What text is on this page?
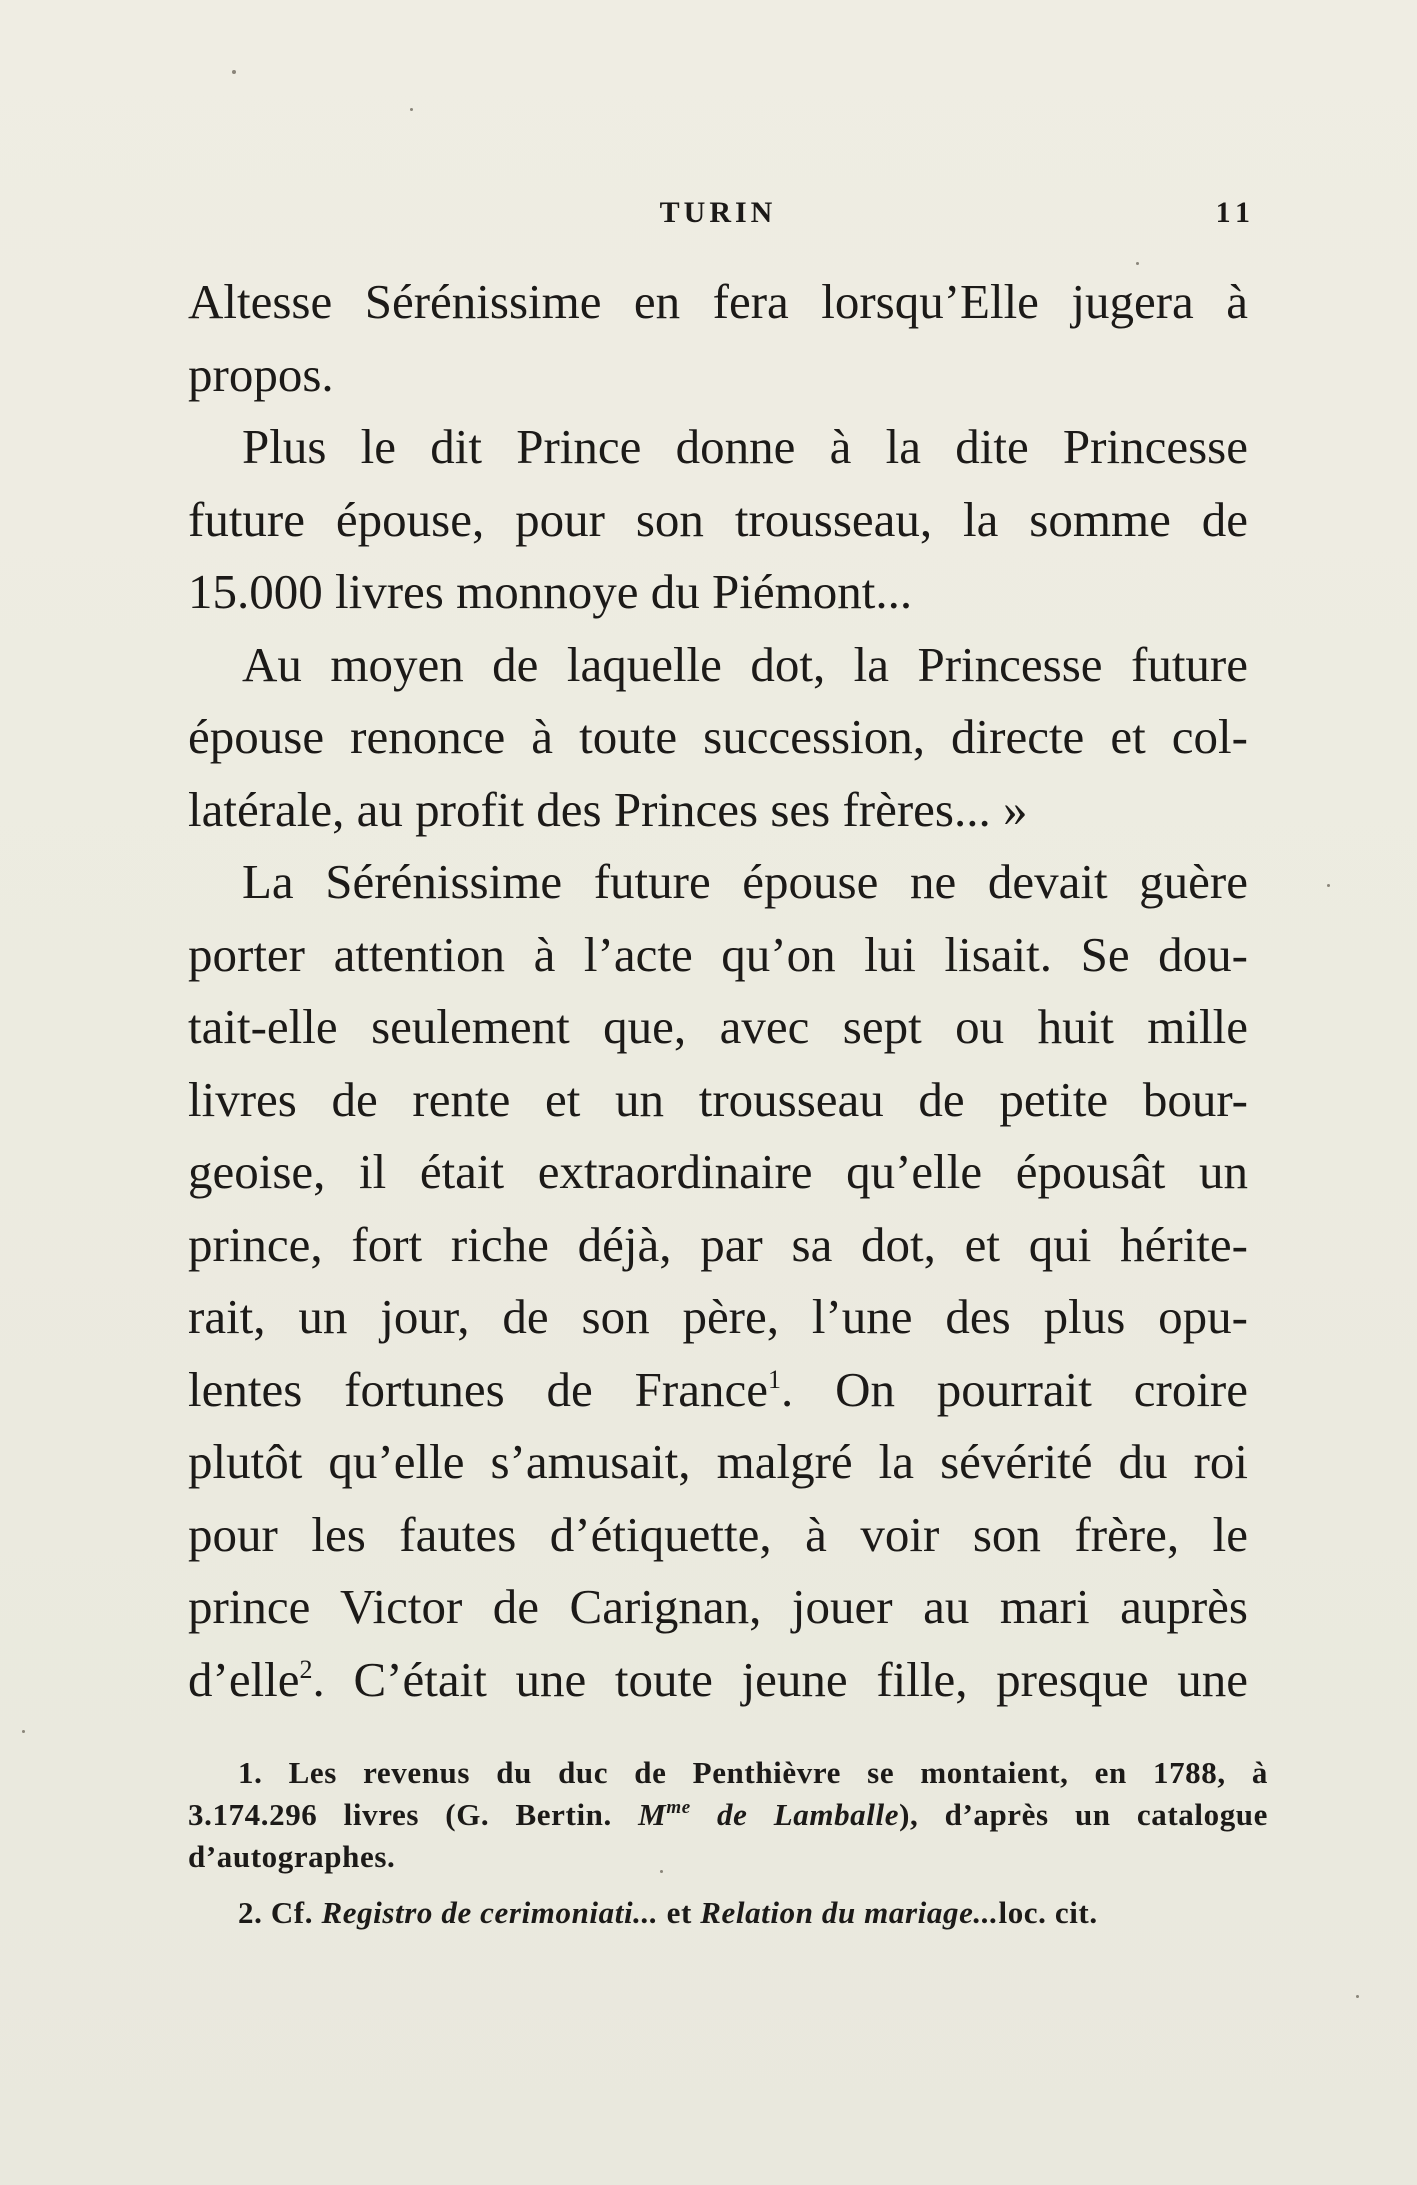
TURIN	11
Altesse Sérénissime en fera lorsqu’Elle jugera à
propos.
Plus le dit Prince donne à la dite Princesse
future épouse, pour son trousseau, la somme de
15.000 livres monnoye du Piémont...
Au moyen de laquelle dot, la Princesse future
épouse renonce à toute succession, directe et col-
latérale, au profit des Princes ses frères... »
La Sérénissime future épouse ne devait guère
porter attention à l’acte qu’on lui lisait. Se dou-
tait-elle seulement que, avec sept ou huit mille
livres de rente et un trousseau de petite bour-
geoise, il était extraordinaire qu’elle épousât un
prince, fort riche déjà, par sa dot, et qui hérite-
rait, un jour, de son père, l’une des plus opu-
lentes fortunes de France$^1$. On pourrait croire
plutôt qu’elle s’amusait, malgré la sévérité du roi
pour les fautes d’étiquette, à voir son frère, le
prince Victor de Carignan, jouer au mari auprès
d’elle$^2$. C’était une toute jeune fille, presque une
1. Les revenus du duc de Penthièvre se montaient, en 1788, à
3.174.296 livres (G. Bertin. $M^{me}$ de Lamballe), d’après un catalogue
d’autographes.
2. Cf. Registro de cerimoniati... et Relation du mariage...loc. cit.
